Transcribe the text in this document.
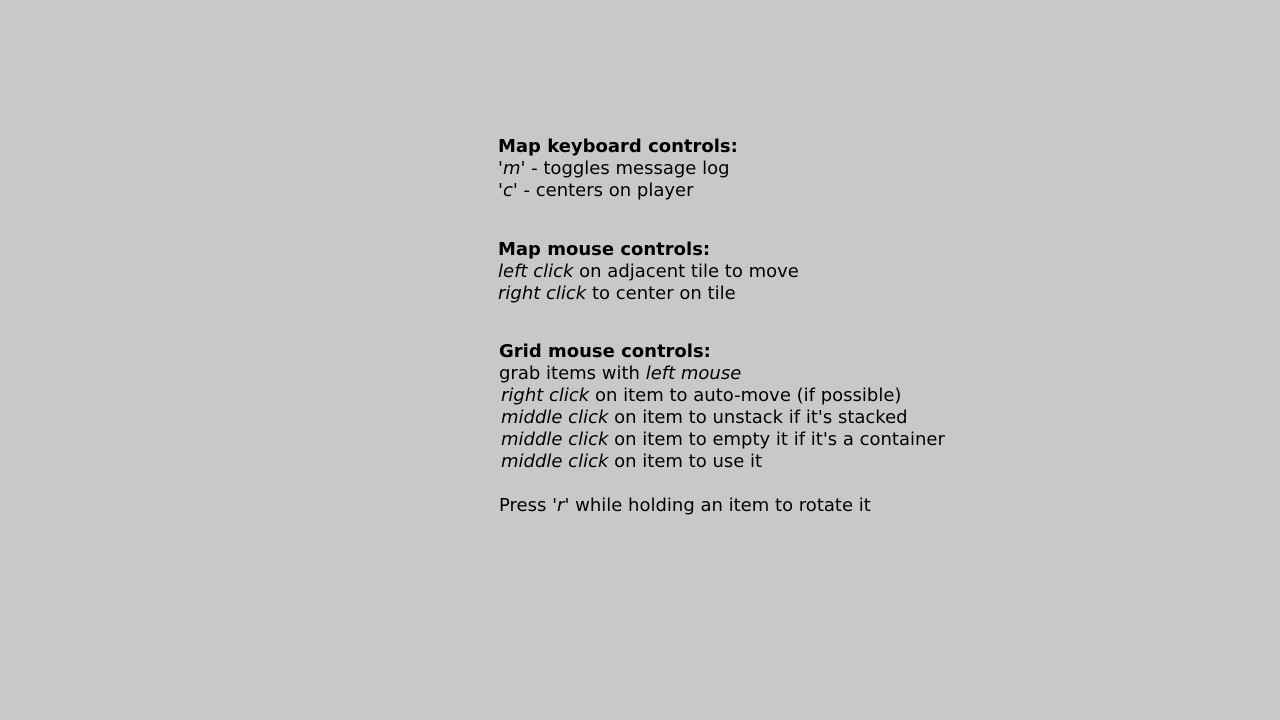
Map keyboard controls:
'm' - toggles message log
'c' - centers on player
Map mouse controls:
left click on adjacent tile to move
right click to center on tile
Grid mouse controls:
grab items with left mouse
right click on item to auto-move (if possible)
middle click on item to unstack if it's stacked
middle click on item to empty it if it's a container
middle click on item to use it
Press 'r' while holding an item to rotate it
